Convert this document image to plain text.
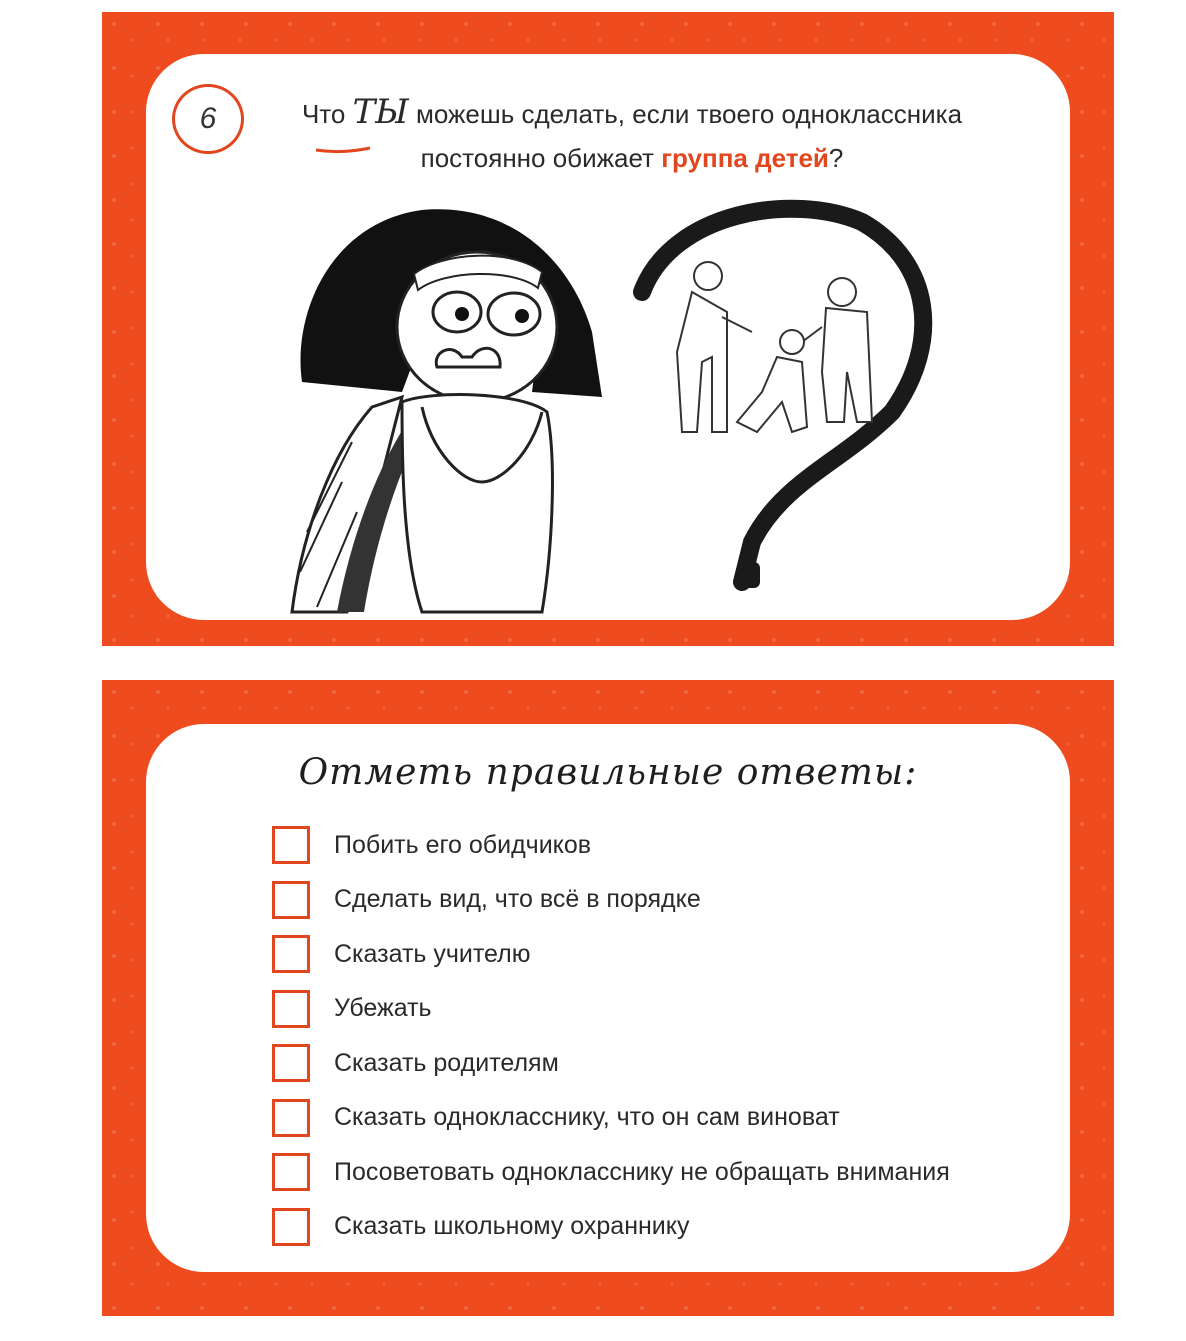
6	Что ТЫ можешь сделать, если твоего одноклассника
постоянно обижает группа детей?
Отметь правильные ответы:
Побить его обидчиков
Сделать вид, что всё в порядке
Сказать учителю
Убежать
Сказать родителям
Сказать однокласснику, что он сам виноват
Посоветовать однокласснику не обращать внимания
Сказать школьному охраннику
